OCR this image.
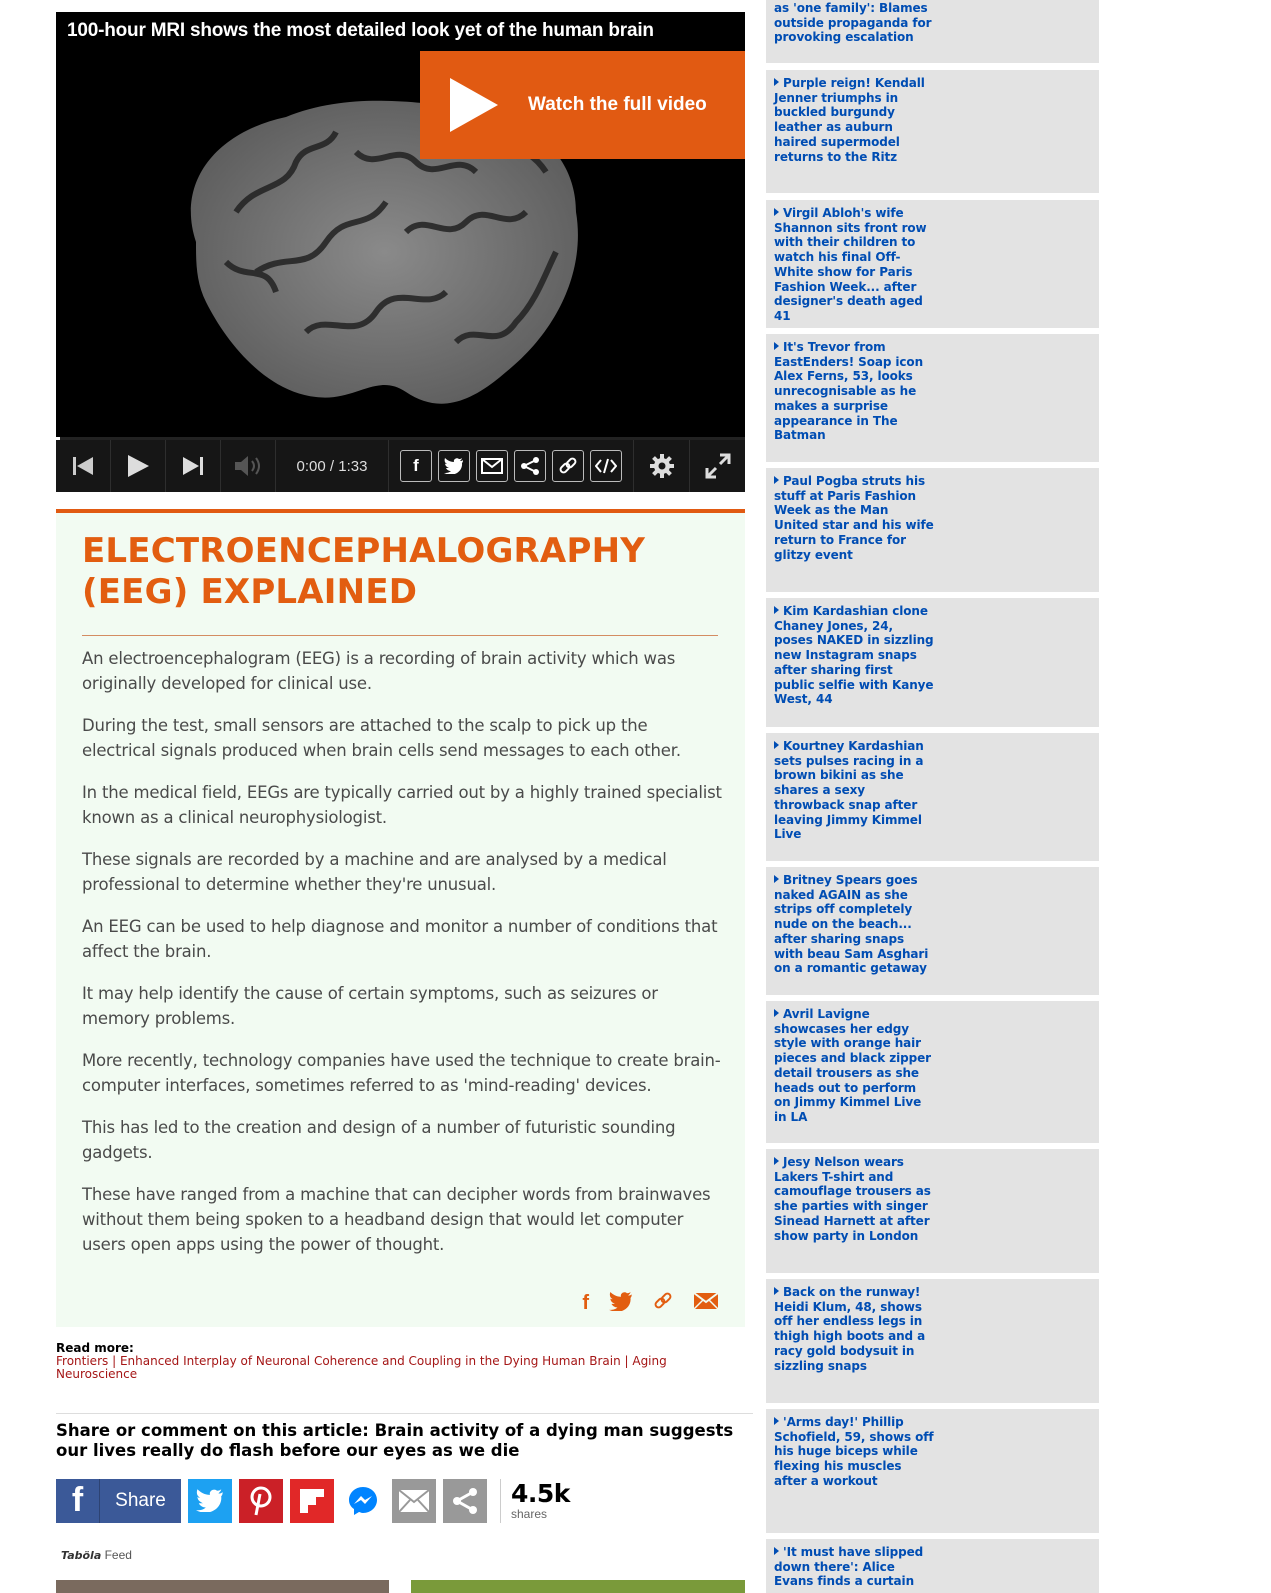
100-hour MRI shows the most detailed look yet of the human brain
Watch the full video
0:00 / 1:33	f
ELECTROENCEPHALOGRAPHY (EEG) EXPLAINED

An electroencephalogram (EEG) is a recording of brain activity which was originally developed for clinical use.

During the test, small sensors are attached to the scalp to pick up the electrical signals produced when brain cells send messages to each other.

In the medical field, EEGs are typically carried out by a highly trained specialist known as a clinical neurophysiologist.

These signals are recorded by a machine and are analysed by a medical professional to determine whether they're unusual.

An EEG can be used to help diagnose and monitor a number of conditions that affect the brain.

It may help identify the cause of certain symptoms, such as seizures or memory problems.

More recently, technology companies have used the technique to create brain-computer interfaces, sometimes referred to as 'mind-reading' devices.

This has led to the creation and design of a number of futuristic sounding gadgets.

These have ranged from a machine that can decipher words from brainwaves without them being spoken to a headband design that would let computer users open apps using the power of thought.

f
Read more:
Frontiers | Enhanced Interplay of Neuronal Coherence and Coupling in the Dying Human Brain | Aging Neuroscience
Share or comment on this article: Brain activity of a dying man suggests our lives really do flash before our eyes as we die
f	Share	4.5k
shares
Taböla Feed
as 'one family': Blames outside propaganda for provoking escalation
Purple reign! Kendall Jenner triumphs in buckled burgundy leather as auburn haired supermodel returns to the Ritz
Virgil Abloh's wife Shannon sits front row with their children to watch his final Off-White show for Paris Fashion Week... after designer's death aged 41
It's Trevor from EastEnders! Soap icon Alex Ferns, 53, looks unrecognisable as he makes a surprise appearance in The Batman
Paul Pogba struts his stuff at Paris Fashion Week as the Man United star and his wife return to France for glitzy event
Kim Kardashian clone Chaney Jones, 24, poses NAKED in sizzling new Instagram snaps after sharing first public selfie with Kanye West, 44
Kourtney Kardashian sets pulses racing in a brown bikini as she shares a sexy throwback snap after leaving Jimmy Kimmel Live
Britney Spears goes naked AGAIN as she strips off completely nude on the beach... after sharing snaps with beau Sam Asghari on a romantic getaway
Avril Lavigne showcases her edgy style with orange hair pieces and black zipper detail trousers as she heads out to perform on Jimmy Kimmel Live in LA
Jesy Nelson wears Lakers T-shirt and camouflage trousers as she parties with singer Sinead Harnett at after show party in London
Back on the runway! Heidi Klum, 48, shows off her endless legs in thigh high boots and a racy gold bodysuit in sizzling snaps
'Arms day!' Phillip Schofield, 59, shows off his huge biceps while flexing his muscles after a workout
'It must have slipped down there': Alice Evans finds a curtain
